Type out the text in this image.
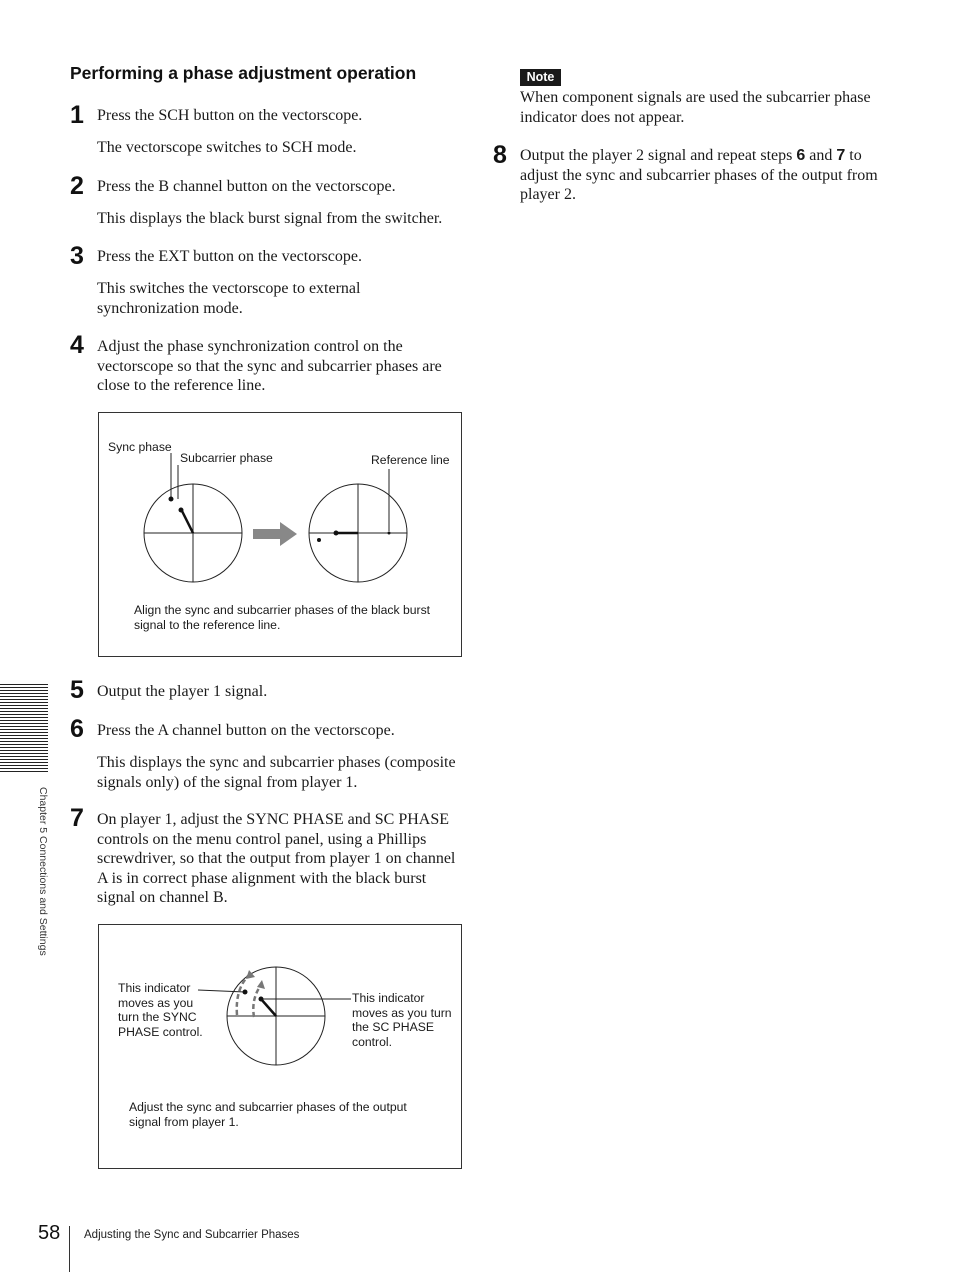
Performing a phase adjustment operation
1 Press the SCH button on the vectorscope.
The vectorscope switches to SCH mode.
2 Press the B channel button on the vectorscope.
This displays the black burst signal from the switcher.
3 Press the EXT button on the vectorscope.
This switches the vectorscope to external synchronization mode.
4 Adjust the phase synchronization control on the vectorscope so that the sync and subcarrier phases are close to the reference line.
Sync phase
Subcarrier phase	Reference line
Align the sync and subcarrier phases of the black burst signal to the reference line.
5 Output the player 1 signal.
6 Press the A channel button on the vectorscope.
This displays the sync and subcarrier phases (composite signals only) of the signal from player 1.
7 On player 1, adjust the SYNC PHASE and SC PHASE controls on the menu control panel, using a Phillips screwdriver, so that the output from player 1 on channel A is in correct phase alignment with the black burst signal on channel B.
This indicator moves as you turn the SYNC PHASE control.
This indicator moves as you turn the SC PHASE control.
Adjust the sync and subcarrier phases of the output signal from player 1.
Note
When component signals are used the subcarrier phase indicator does not appear.
8 Output the player 2 signal and repeat steps 6 and 7 to adjust the sync and subcarrier phases of the output from player 2.
Chapter 5 Connections and Settings
58 Adjusting the Sync and Subcarrier Phases
